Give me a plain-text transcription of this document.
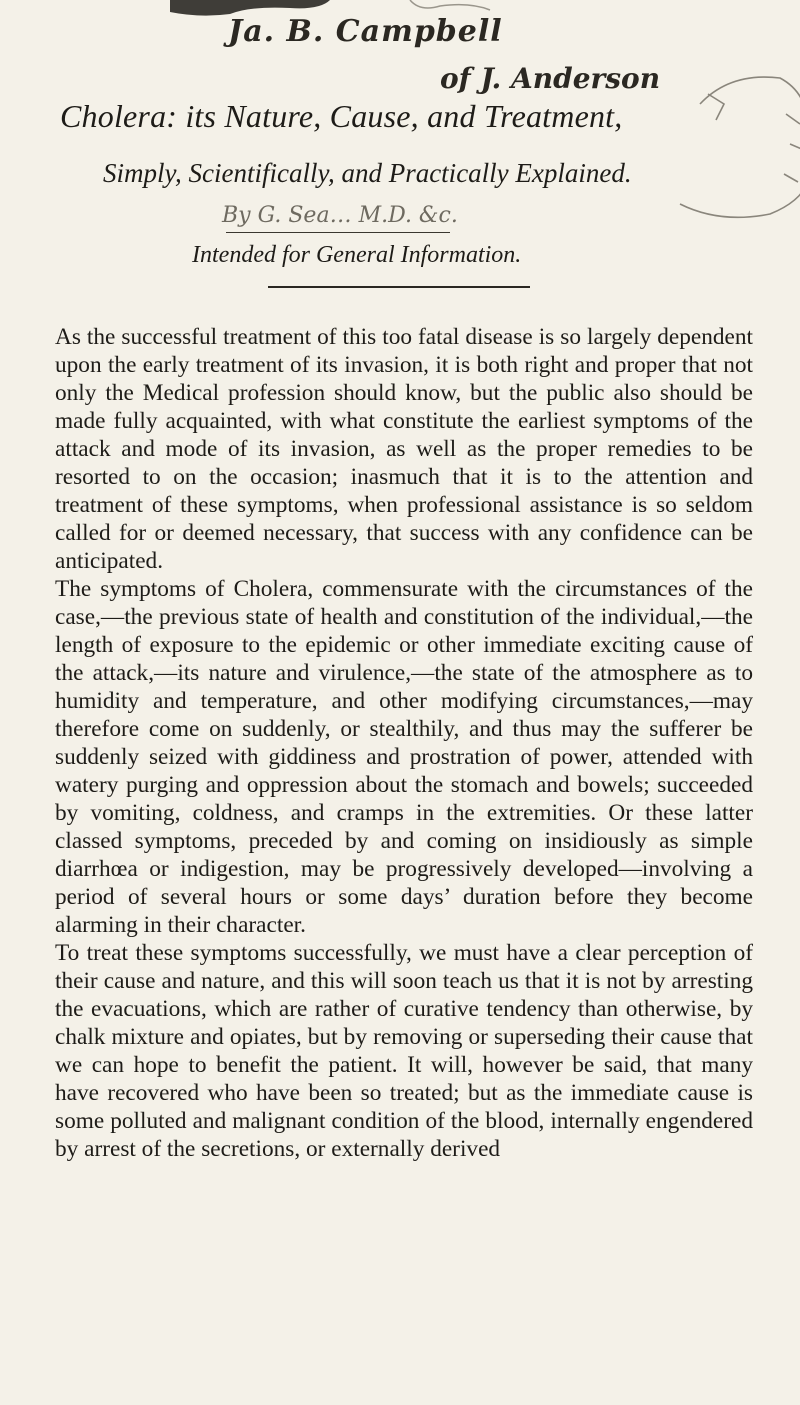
Ja. B. Campbell
of J. Anderson
Cholera: its Nature, Cause, and Treatment,
Simply, Scientifically, and Practically Explained.
By G. Sea… M.D. &c.
Intended for General Information.

As the successful treatment of this too fatal disease is so largely dependent upon the early treatment of its invasion, it is both right and proper that not only the Medical profession should know, but the public also should be made fully acquainted, with what constitute the earliest symptoms of the attack and mode of its invasion, as well as the proper remedies to be resorted to on the occasion; inasmuch that it is to the attention and treatment of these symptoms, when professional assistance is so seldom called for or deemed necessary, that success with any confidence can be anticipated.

The symptoms of Cholera, commensurate with the circumstances of the case,—the previous state of health and constitution of the individual,—the length of exposure to the epidemic or other immediate exciting cause of the attack,—its nature and virulence,—the state of the atmosphere as to humidity and temperature, and other modifying circumstances,—may therefore come on suddenly, or stealthily, and thus may the sufferer be suddenly seized with giddiness and prostration of power, attended with watery purging and oppression about the stomach and bowels; succeeded by vomiting, coldness, and cramps in the extremities. Or these latter classed symptoms, preceded by and coming on insidiously as simple diarrhœa or indigestion, may be progressively developed—involving a period of several hours or some days’ duration before they become alarming in their character.

To treat these symptoms successfully, we must have a clear perception of their cause and nature, and this will soon teach us that it is not by arresting the evacuations, which are rather of curative tendency than otherwise, by chalk mixture and opiates, but by removing or superseding their cause that we can hope to benefit the patient. It will, however be said, that many have recovered who have been so treated; but as the immediate cause is some polluted and malignant condition of the blood, internally engendered by arrest of the secretions, or externally derived
